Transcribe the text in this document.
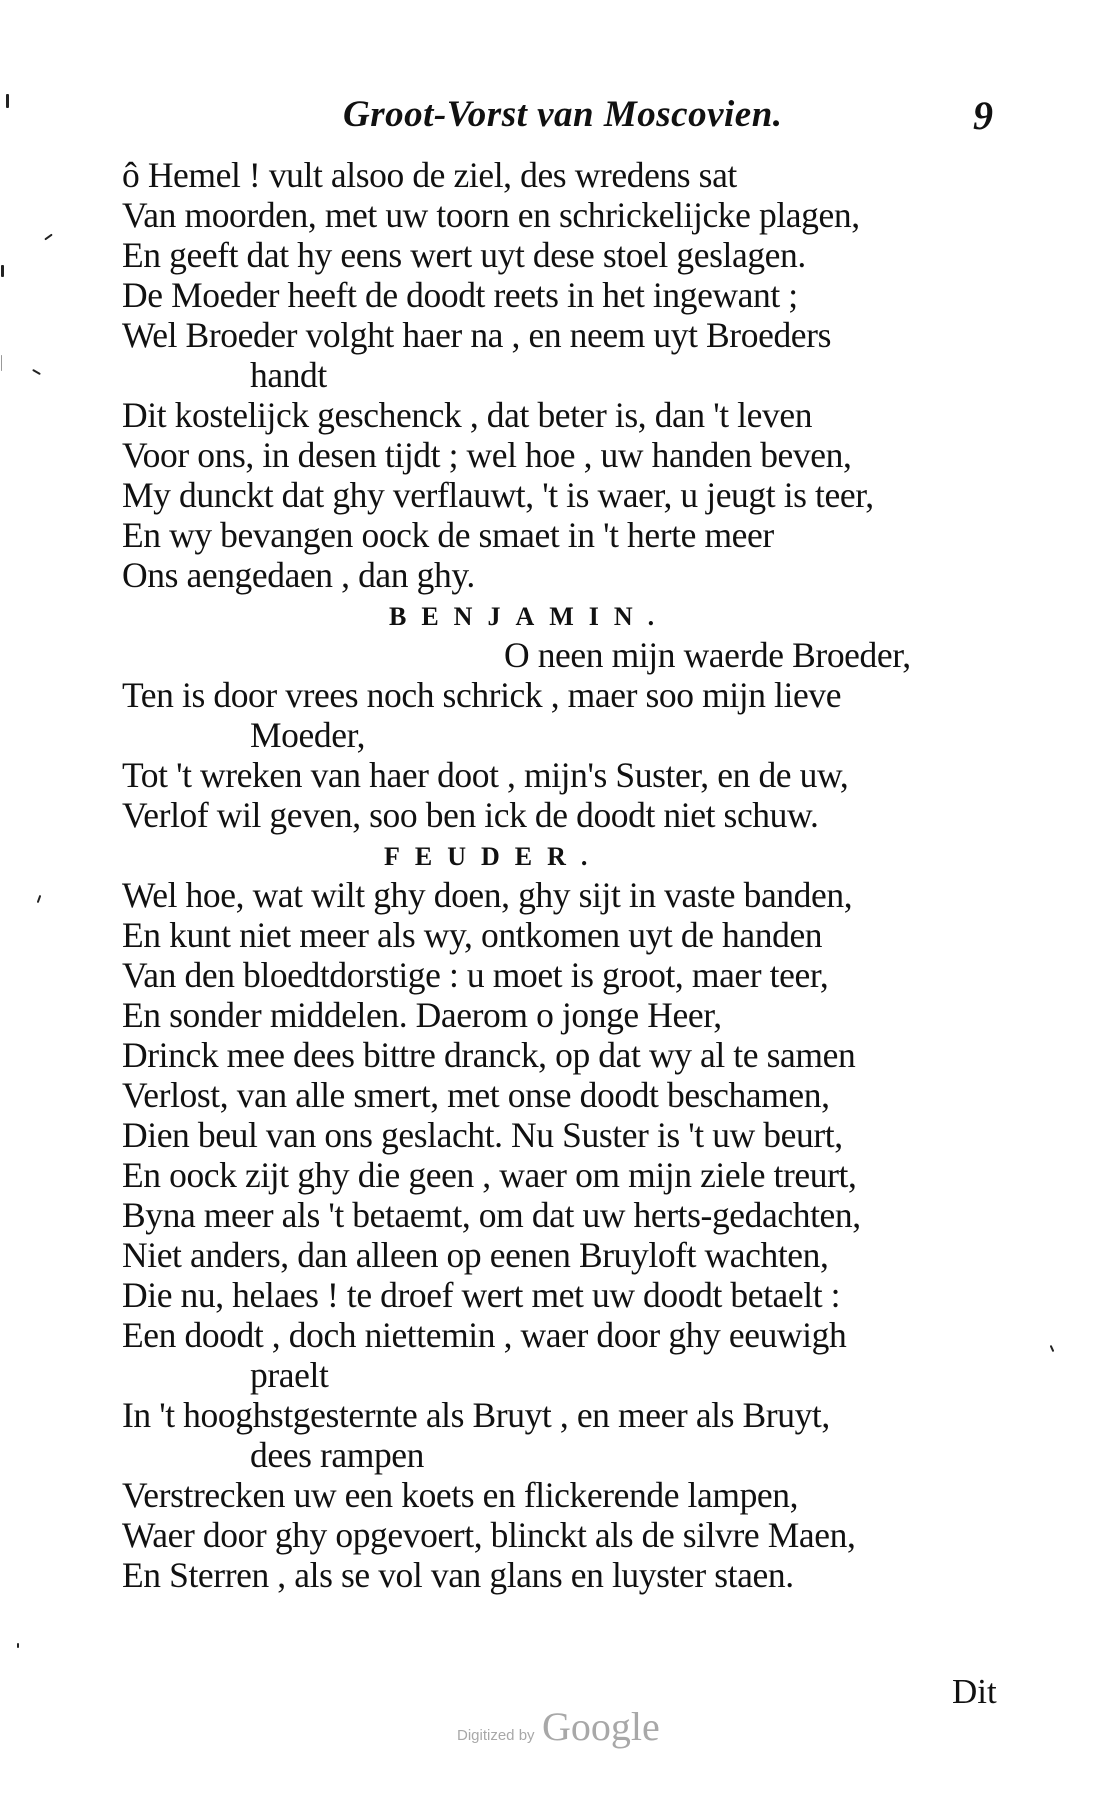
Groot-Vorst van Moscovien.	9
ô Hemel ! vult alsoo de ziel, des wredens sat
Van moorden, met uw toorn en schrickelijcke plagen,
En geeft dat hy eens wert uyt dese stoel geslagen.
De Moeder heeft de doodt reets in het ingewant ;
Wel Broeder volght haer na , en neem uyt Broeders
handt
Dit kostelijck geschenck , dat beter is, dan 't leven
Voor ons, in desen tijdt ; wel hoe , uw handen beven,
My dunckt dat ghy verflauwt, 't is waer, u jeugt is teer,
En wy bevangen oock de smaet in 't herte meer
Ons aengedaen , dan ghy.
BENJAMIN.
O neen mijn waerde Broeder,
Ten is door vrees noch schrick , maer soo mijn lieve
Moeder,
Tot 't wreken van haer doot , mijn's Suster, en de uw,
Verlof wil geven, soo ben ick de doodt niet schuw.
FEUDER.
Wel hoe, wat wilt ghy doen, ghy sijt in vaste banden,
En kunt niet meer als wy, ontkomen uyt de handen
Van den bloedtdorstige : u moet is groot, maer teer,
En sonder middelen. Daerom o jonge Heer,
Drinck mee dees bittre dranck, op dat wy al te samen
Verlost, van alle smert, met onse doodt beschamen,
Dien beul van ons geslacht. Nu Suster is 't uw beurt,
En oock zijt ghy die geen , waer om mijn ziele treurt,
Byna meer als 't betaemt, om dat uw herts-gedachten,
Niet anders, dan alleen op eenen Bruyloft wachten,
Die nu, helaes ! te droef wert met uw doodt betaelt :
Een doodt , doch niettemin , waer door ghy eeuwigh
praelt
In 't hooghstgesternte als Bruyt , en meer als Bruyt,
dees rampen
Verstrecken uw een koets en flickerende lampen,
Waer door ghy opgevoert, blinckt als de silvre Maen,
En Sterren , als se vol van glans en luyster staen.
Dit
Digitized by Google
